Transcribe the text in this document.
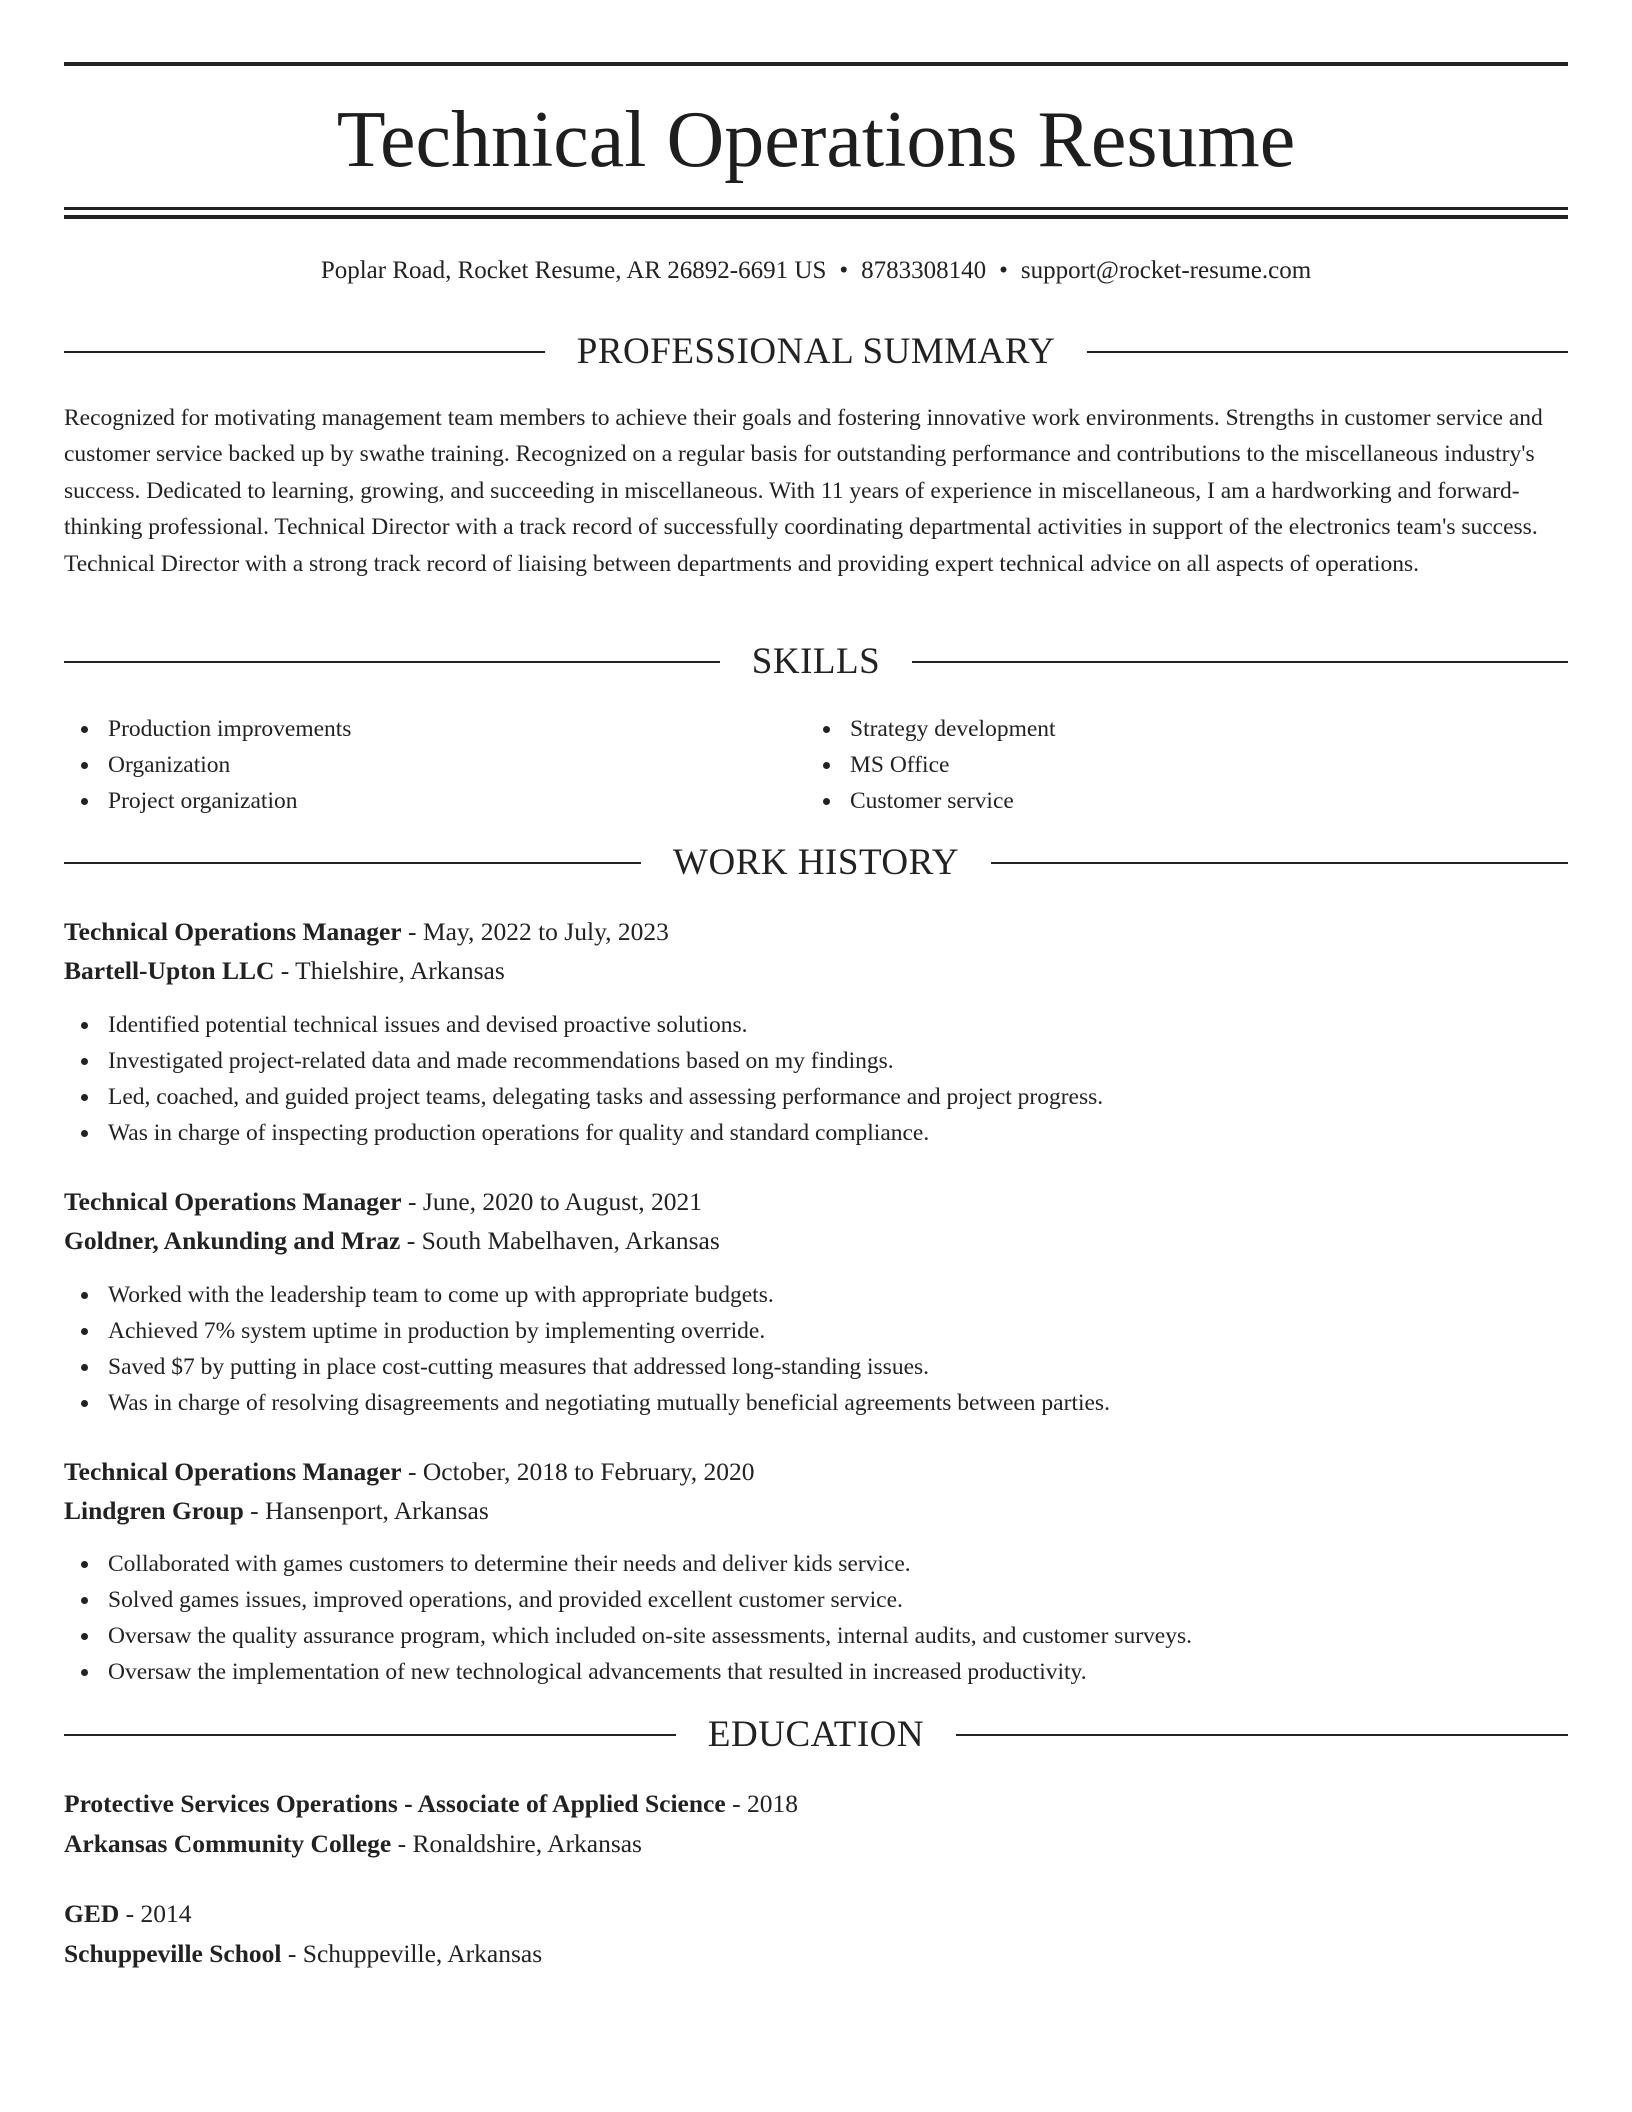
Technical Operations Resume
Poplar Road, Rocket Resume, AR 26892-6691 US • 8783308140 • support@rocket-resume.com
PROFESSIONAL SUMMARY

Recognized for motivating management team members to achieve their goals and fostering innovative work environments. Strengths in customer service and customer service backed up by swathe training. Recognized on a regular basis for outstanding performance and contributions to the miscellaneous industry's success. Dedicated to learning, growing, and succeeding in miscellaneous. With 11 years of experience in miscellaneous, I am a hardworking and forward-thinking professional. Technical Director with a track record of successfully coordinating departmental activities in support of the electronics team's success. Technical Director with a strong track record of liaising between departments and providing expert technical advice on all aspects of operations.

SKILLS
Production improvements
Organization
Project organization
Strategy development
MS Office
Customer service
WORK HISTORY
Technical Operations Manager - May, 2022 to July, 2023
Bartell-Upton LLC - Thielshire, Arkansas
Identified potential technical issues and devised proactive solutions.
Investigated project-related data and made recommendations based on my findings.
Led, coached, and guided project teams, delegating tasks and assessing performance and project progress.
Was in charge of inspecting production operations for quality and standard compliance.
Technical Operations Manager - June, 2020 to August, 2021
Goldner, Ankunding and Mraz - South Mabelhaven, Arkansas
Worked with the leadership team to come up with appropriate budgets.
Achieved 7% system uptime in production by implementing override.
Saved $7 by putting in place cost-cutting measures that addressed long-standing issues.
Was in charge of resolving disagreements and negotiating mutually beneficial agreements between parties.
Technical Operations Manager - October, 2018 to February, 2020
Lindgren Group - Hansenport, Arkansas
Collaborated with games customers to determine their needs and deliver kids service.
Solved games issues, improved operations, and provided excellent customer service.
Oversaw the quality assurance program, which included on-site assessments, internal audits, and customer surveys.
Oversaw the implementation of new technological advancements that resulted in increased productivity.
EDUCATION
Protective Services Operations - Associate of Applied Science - 2018
Arkansas Community College - Ronaldshire, Arkansas
GED - 2014
Schuppeville School - Schuppeville, Arkansas
